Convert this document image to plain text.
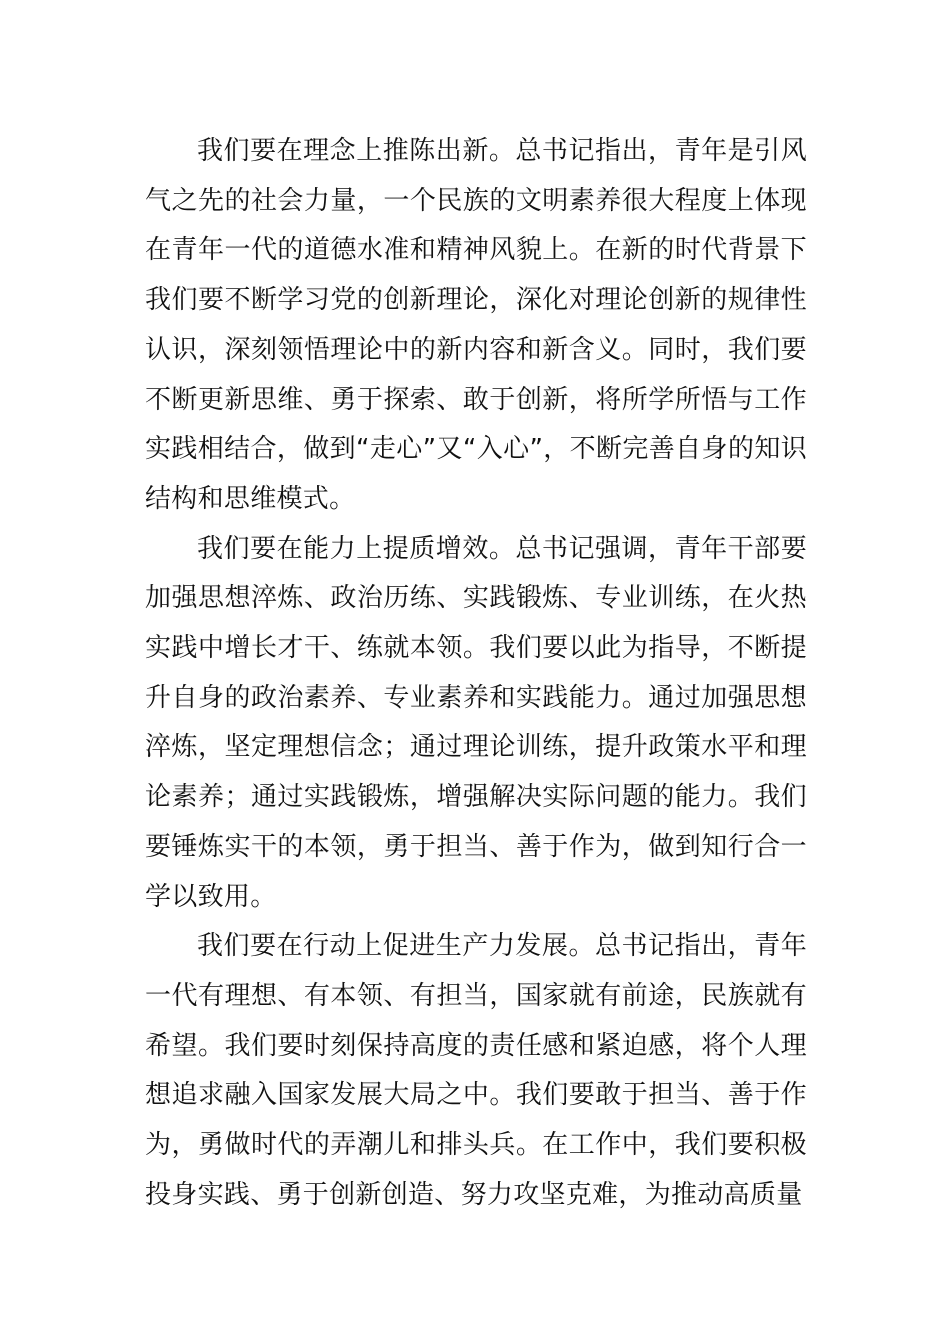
我们要在理念上推陈出新。总书记指出，青年是引风气之先的社会力量，一个民族的文明素养很大程度上体现在青年一代的道德水准和精神风貌上。在新的时代背景下我们要不断学习党的创新理论，深化对理论创新的规律性认识，深刻领悟理论中的新内容和新含义。同时，我们要不断更新思维、勇于探索、敢于创新，将所学所悟与工作实践相结合，做到“走心”又“入心”，不断完善自身的知识结构和思维模式。

我们要在能力上提质增效。总书记强调，青年干部要加强思想淬炼、政治历练、实践锻炼、专业训练，在火热实践中增长才干、练就本领。我们要以此为指导，不断提升自身的政治素养、专业素养和实践能力。通过加强思想淬炼，坚定理想信念；通过理论训练，提升政策水平和理论素养；通过实践锻炼，增强解决实际问题的能力。我们要锤炼实干的本领，勇于担当、善于作为，做到知行合一学以致用。

我们要在行动上促进生产力发展。总书记指出，青年一代有理想、有本领、有担当，国家就有前途，民族就有希望。我们要时刻保持高度的责任感和紧迫感，将个人理想追求融入国家发展大局之中。我们要敢于担当、善于作为，勇做时代的弄潮儿和排头兵。在工作中，我们要积极投身实践、勇于创新创造、努力攻坚克难，为推动高质量
